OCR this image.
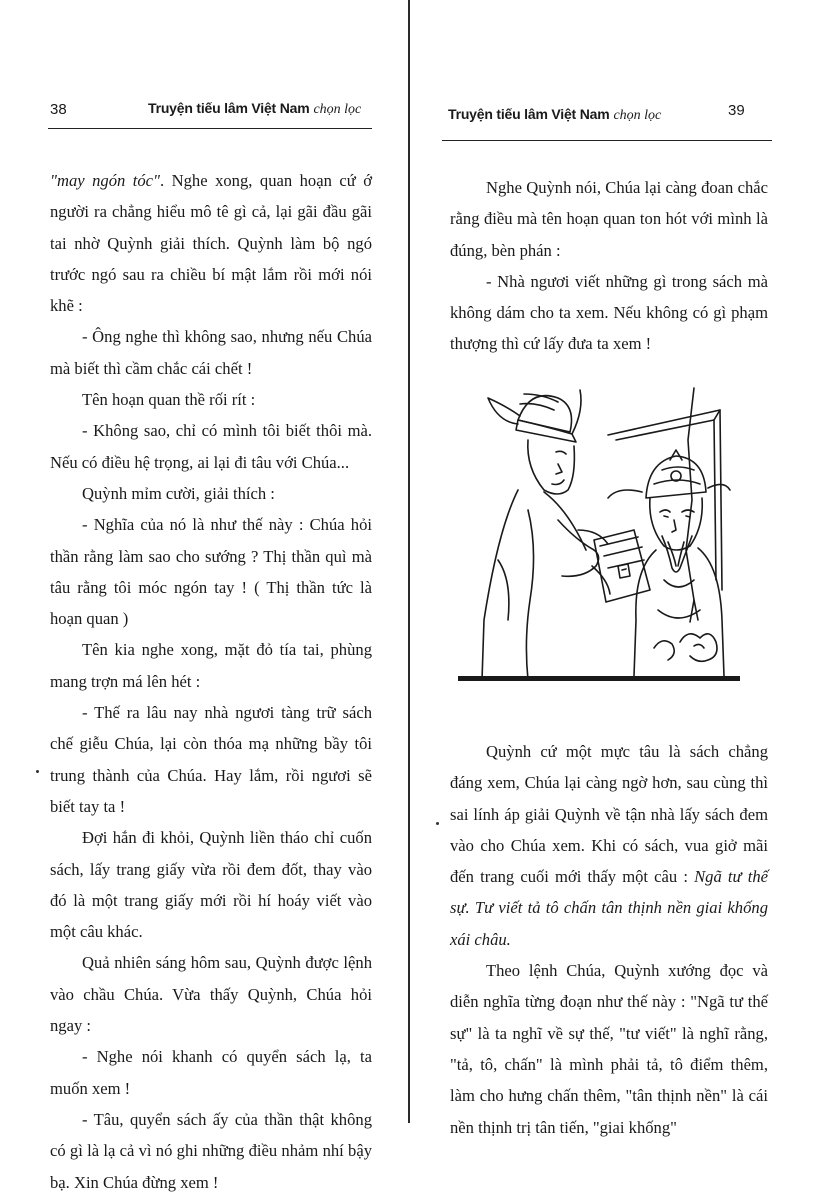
38	Truyện tiếu lâm Việt Nam chọn lọc

"may ngón tóc". Nghe xong, quan hoạn cứ ớ người ra chẳng hiểu mô tê gì cả, lại gãi đầu gãi tai nhờ Quỳnh giải thích. Quỳnh làm bộ ngó trước ngó sau ra chiều bí mật lắm rồi mới nói khẽ :

- Ông nghe thì không sao, nhưng nếu Chúa mà biết thì cầm chắc cái chết !

Tên hoạn quan thề rối rít :

- Không sao, chỉ có mình tôi biết thôi mà. Nếu có điều hệ trọng, ai lại đi tâu với Chúa...

Quỳnh mỉm cười, giải thích :

- Nghĩa của nó là như thế này : Chúa hỏi thần rằng làm sao cho sướng ? Thị thần quì mà tâu rằng tôi móc ngón tay ! ( Thị thần tức là hoạn quan )

Tên kia nghe xong, mặt đỏ tía tai, phùng mang trợn má lên hét :

- Thế ra lâu nay nhà ngươi tàng trữ sách chế giễu Chúa, lại còn thóa mạ những bầy tôi trung thành của Chúa. Hay lắm, rồi ngươi sẽ biết tay ta !

Đợi hắn đi khỏi, Quỳnh liền tháo chỉ cuốn sách, lấy trang giấy vừa rồi đem đốt, thay vào đó là một trang giấy mới rồi hí hoáy viết vào một câu khác.

Quả nhiên sáng hôm sau, Quỳnh được lệnh vào chầu Chúa. Vừa thấy Quỳnh, Chúa hỏi ngay :

- Nghe nói khanh có quyển sách lạ, ta muốn xem !

- Tâu, quyển sách ấy của thần thật không có gì là lạ cả vì nó ghi những điều nhảm nhí bậy bạ. Xin Chúa đừng xem !

Truyện tiếu lâm Việt Nam chọn lọc	39

Nghe Quỳnh nói, Chúa lại càng đoan chắc rằng điều mà tên hoạn quan ton hót với mình là đúng, bèn phán :

- Nhà ngươi viết những gì trong sách mà không dám cho ta xem. Nếu không có gì phạm thượng thì cứ lấy đưa ta xem !

Quỳnh cứ một mực tâu là sách chẳng đáng xem, Chúa lại càng ngờ hơn, sau cùng thì sai lính áp giải Quỳnh về tận nhà lấy sách đem vào cho Chúa xem. Khi có sách, vua giở mãi đến trang cuối mới thấy một câu : Ngã tư thế sự. Tư viết tả tô chấn tân thịnh nền giai khống xái châu.

Theo lệnh Chúa, Quỳnh xướng đọc và diễn nghĩa từng đoạn như thế này : "Ngã tư thế sự" là ta nghĩ về sự thế, "tư viết" là nghĩ rằng, "tả, tô, chấn" là mình phải tả, tô điểm thêm, làm cho hưng chấn thêm, "tân thịnh nền" là cái nền thịnh trị tân tiến, "giai khống"
